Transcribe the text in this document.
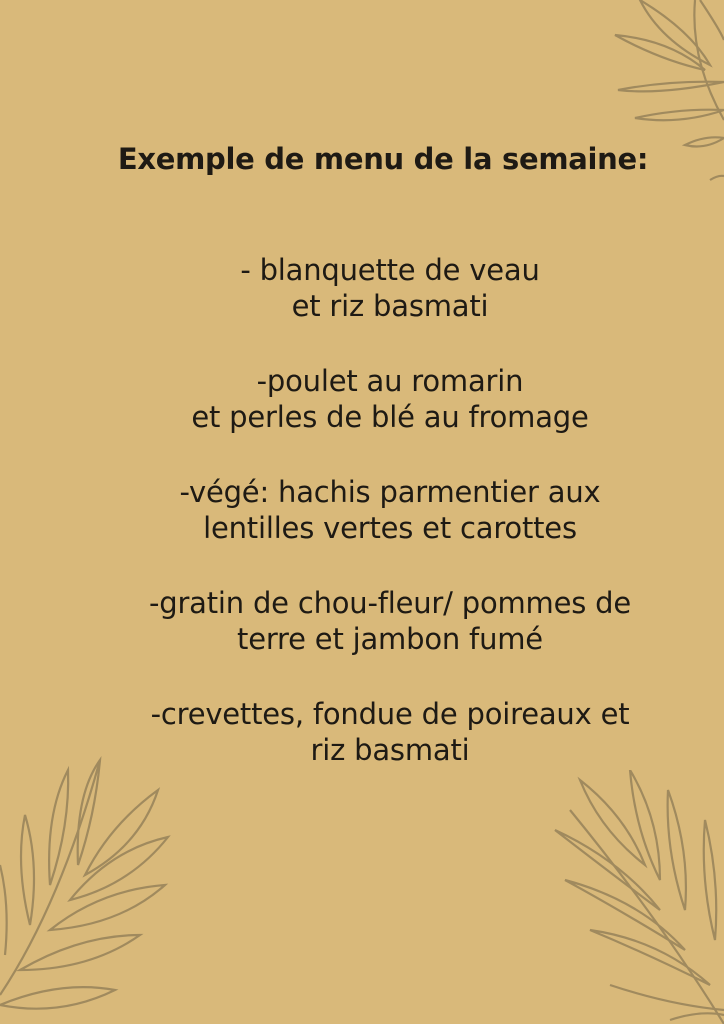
Exemple de menu de la semaine:
- blanquette de veau
et riz basmati
-poulet au romarin
et perles de blé au fromage
-végé: hachis parmentier aux
lentilles vertes et carottes
-gratin de chou-fleur/ pommes de
terre et jambon fumé
-crevettes, fondue de poireaux et
riz basmati
